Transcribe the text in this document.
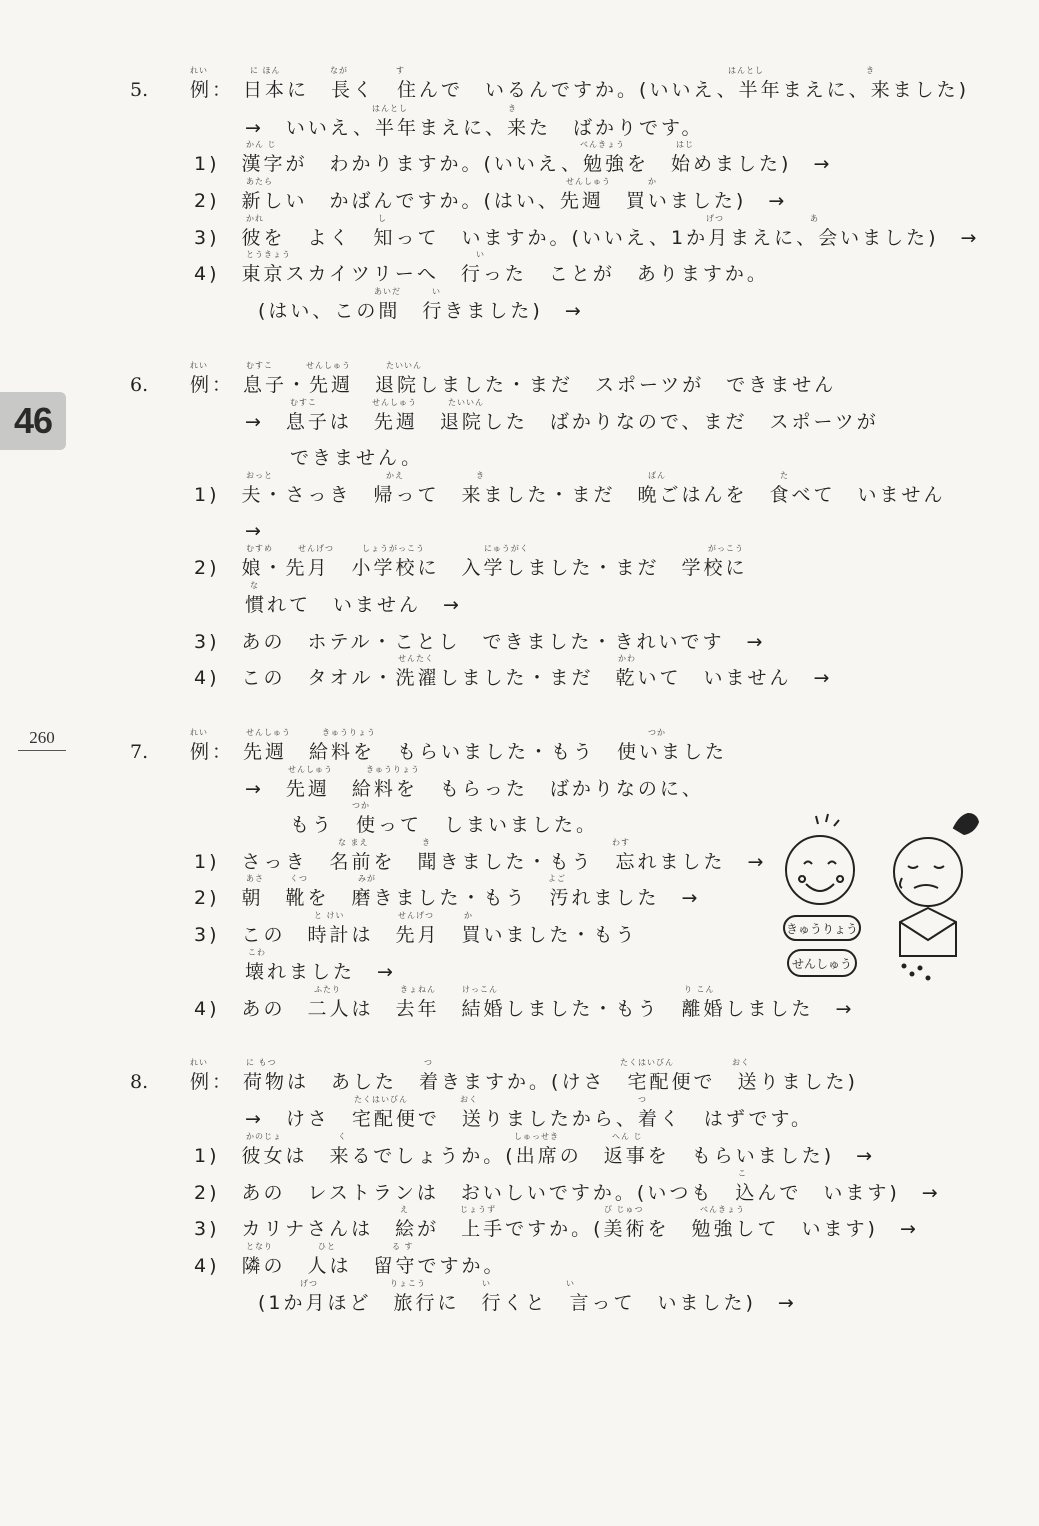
46
260
5. 例： 日本に　長く　住んで　いるんですか。(いいえ、半年まえに、来ました)
れい	に ほん	なが	す	はんとし	き
→　いいえ、半年まえに、来た　ばかりです。
はんとし	き
1)　漢字が　わかりますか。(いいえ、勉強を　始めました)　→
かん じ	べんきょう	はじ
2)　新しい　かばんですか。(はい、先週　買いました)　→
あたら	せんしゅう	か
3)　彼を　よく　知って　いますか。(いいえ、1か月まえに、会いました)　→
かれ	し	げつ	あ
4)　東京スカイツリーへ　行った　ことが　ありますか。
とうきょう	い
(はい、この間　行きました)　→
あいだ	い
6. 例： 息子・先週　退院しました・まだ　スポーツが　できません
れい	むすこ	せんしゅう	たいいん
→　息子は　先週　退院した　ばかりなので、まだ　スポーツが
むすこ	せんしゅう	たいいん
できません。
1)　夫・さっき　帰って　来ました・まだ　晩ごはんを　食べて　いません
おっと	かえ	き	ばん	た
→
2)　娘・先月　小学校に　入学しました・まだ　学校に
むすめ	せんげつ	しょうがっこう	にゅうがく	がっこう
慣れて　いません　→
な
3)　あの　ホテル・ことし　できました・きれいです　→
4)　この　タオル・洗濯しました・まだ　乾いて　いません　→
せんたく	かわ
7. 例： 先週　給料を　もらいました・もう　使いました
れい	せんしゅう	きゅうりょう	つか
→　先週　給料を　もらった　ばかりなのに、
せんしゅう	きゅうりょう
もう　使って　しまいました。
つか
1)　さっき　名前を　聞きました・もう　忘れました　→
な まえ	き	わす
2)　朝　靴を　磨きました・もう　汚れました　→
あさ	くつ	みが	よご
3)　この　時計は　先月　買いました・もう
と けい	せんげつ	か
壊れました　→
こわ
4)　あの　二人は　去年　結婚しました・もう　離婚しました　→
ふたり	きょねん	けっこん	り こん
8. 例： 荷物は　あした　着きますか。(けさ　宅配便で　送りました)
れい	に もつ	つ	たくはいびん	おく
→　けさ　宅配便で　送りましたから、着く　はずです。
たくはいびん	おく	つ
1)　彼女は　来るでしょうか。(出席の　返事を　もらいました)　→
かのじょ	く	しゅっせき	へん じ
2)　あの　レストランは　おいしいですか。(いつも　込んで　います)　→
こ
3)　カリナさんは　絵が　上手ですか。(美術を　勉強して　います)　→
え	じょうず	び じゅつ	べんきょう
4)　隣の　人は　留守ですか。
となり	ひと	る す
(1か月ほど　旅行に　行くと　言って　いました)　→
げつ	りょこう	い	い
きゅうりょう
せんしゅう
